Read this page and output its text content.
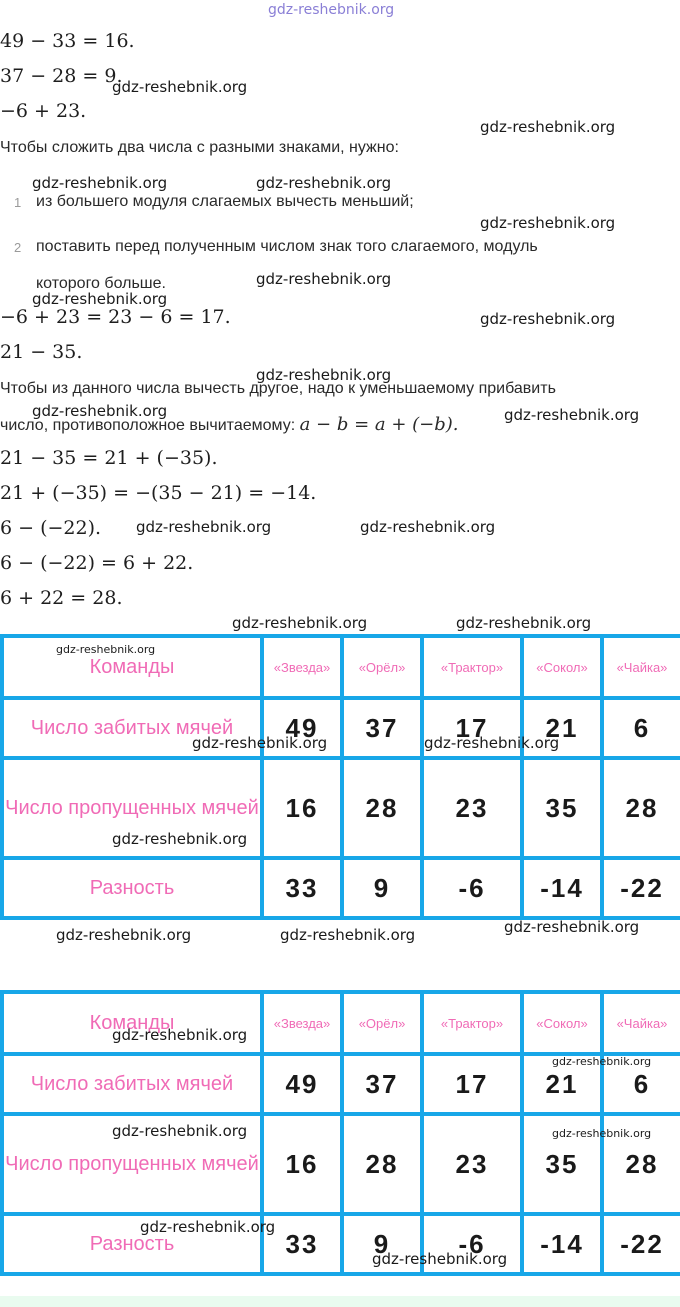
49 − 33 = 16.

37 − 28 = 9.

−6 + 23.

Чтобы сложить два числа с разными знаками, нужно:

1 из большего модуля слагаемых вычесть меньший;

2 поставить перед полученным числом знак того слагаемого, модуль

которого больше.

−6 + 23 = 23 − 6 = 17.

21 − 35.

Чтобы из данного числа вычесть другое, надо к уменьшаемому прибавить

число, противоположное вычитаемому: a − b = a + (−b).

21 − 35 = 21 + (−35).

21 + (−35) = −(35 − 21) = −14.

6 − (−22).

6 − (−22) = 6 + 22.

6 + 22 = 28.

Команды	«Звезда»	«Орёл»	«Трактор»	«Сокол»	«Чайка»
Число забитых мячей	49	37	17	21	6
Число пропущенных мячей	16	28	23	35	28
Разность	33	9	-6	-14	-22
Команды	«Звезда»	«Орёл»	«Трактор»	«Сокол»	«Чайка»
Число забитых мячей	49	37	17	21	6
Число пропущенных мячей	16	28	23	35	28
Разность	33	9	-6	-14	-22
gdz-reshebnik.org
gdz-reshebnik.org
gdz-reshebnik.org
gdz-reshebnik.org	gdz-reshebnik.org
gdz-reshebnik.org
gdz-reshebnik.org
gdz-reshebnik.org
gdz-reshebnik.org
gdz-reshebnik.org
gdz-reshebnik.org	gdz-reshebnik.org
gdz-reshebnik.org	gdz-reshebnik.org
gdz-reshebnik.org	gdz-reshebnik.org
gdz-reshebnik.org
gdz-reshebnik.org	gdz-reshebnik.org
gdz-reshebnik.org
gdz-reshebnik.org	gdz-reshebnik.org	gdz-reshebnik.org
gdz-reshebnik.org
gdz-reshebnik.org
gdz-reshebnik.org	gdz-reshebnik.org
gdz-reshebnik.org
gdz-reshebnik.org
